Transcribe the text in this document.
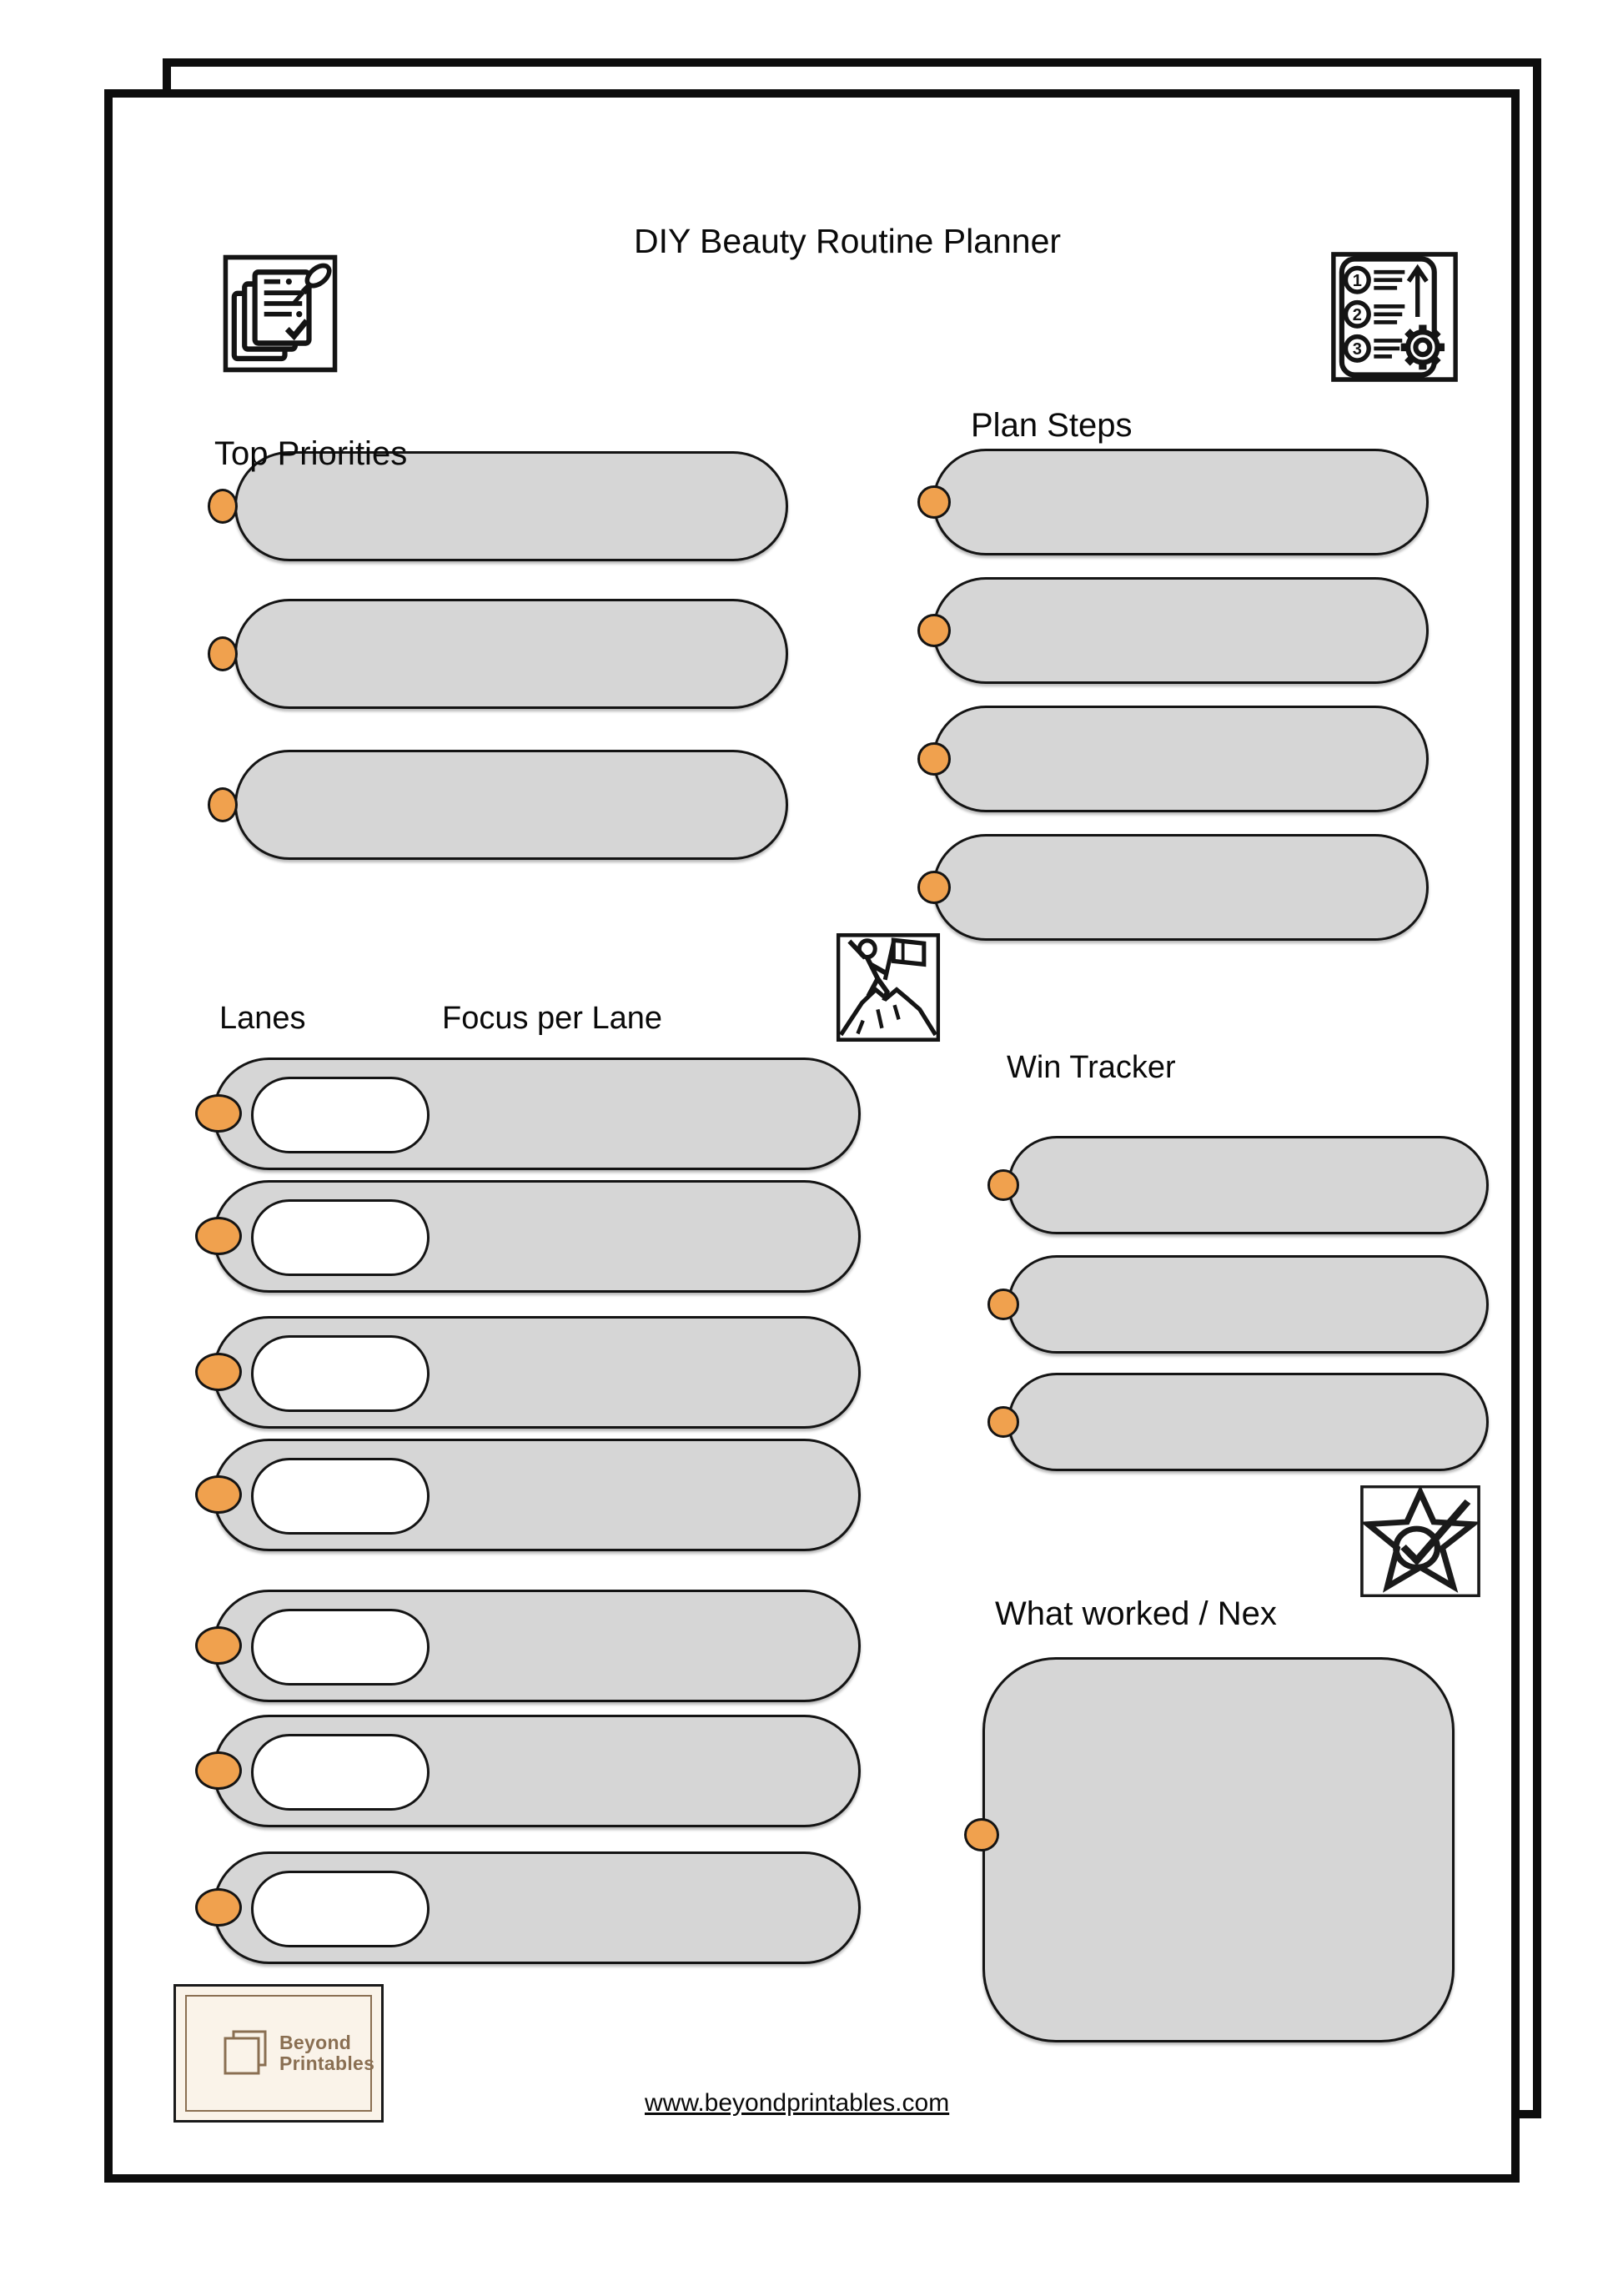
DIY Beauty Routine Planner
1
2
3
Top Priorities
Plan Steps
Lanes	Focus per Lane
Win Tracker
What worked / Nex
Beyond
Printables
www.beyondprintables.com
